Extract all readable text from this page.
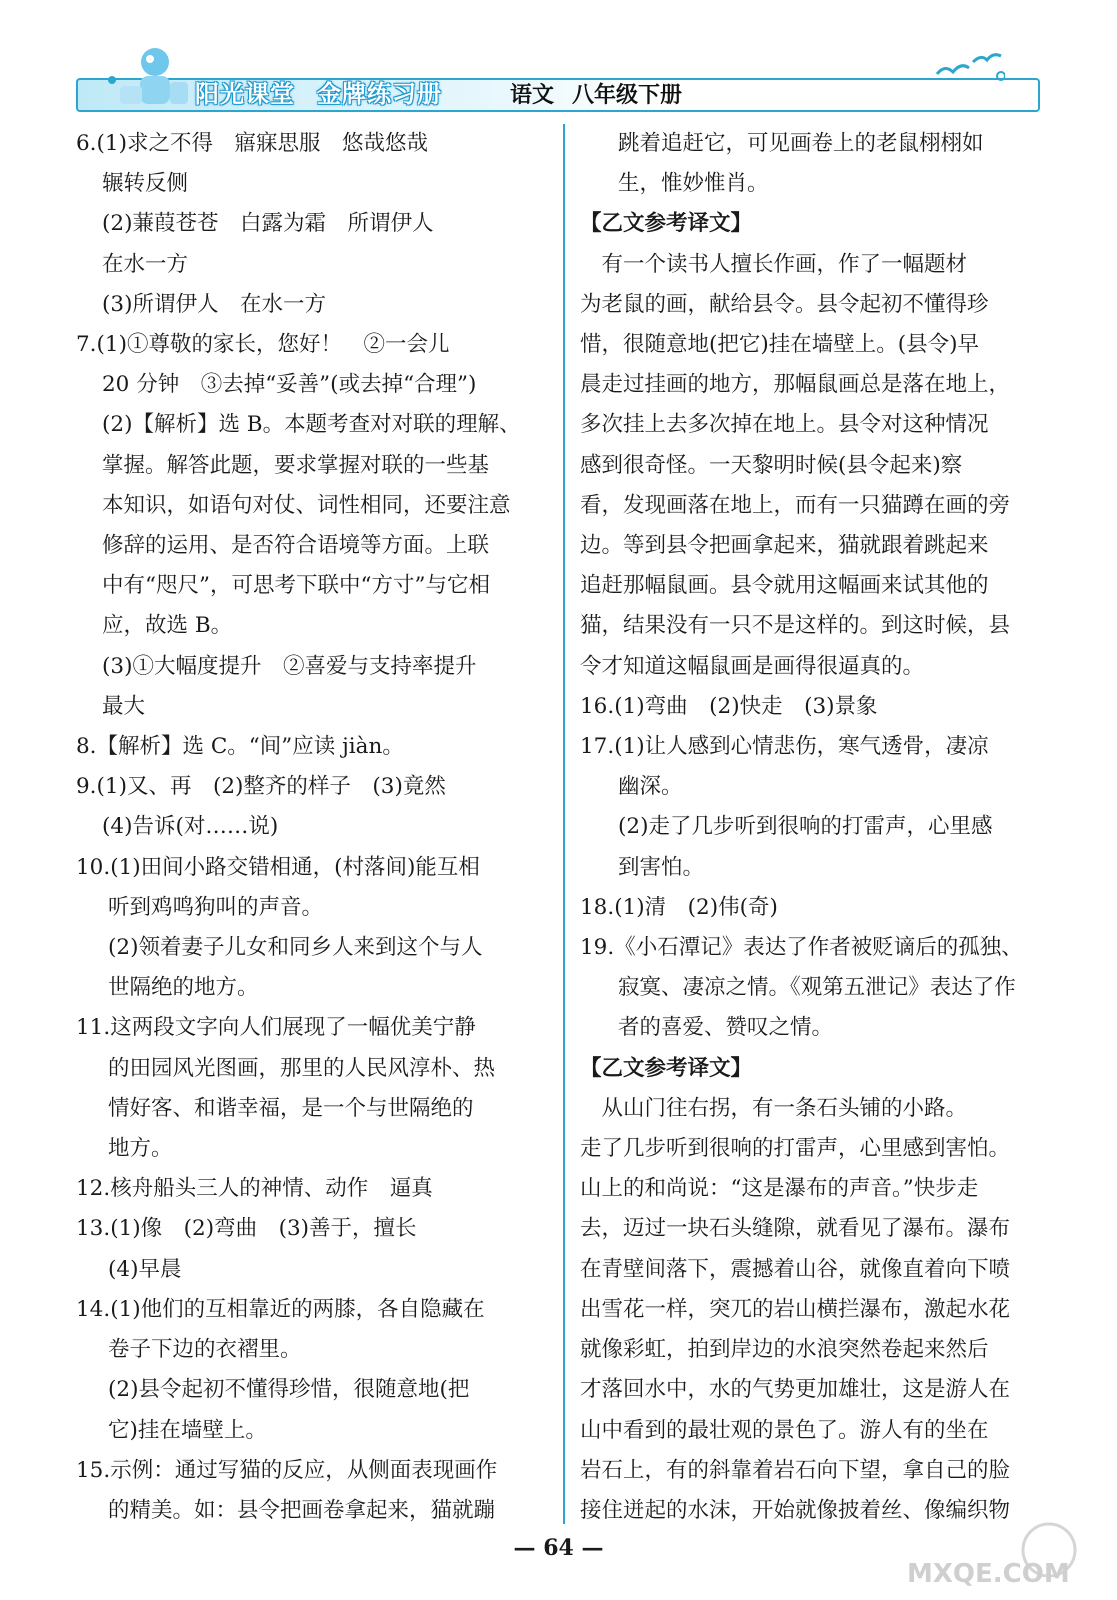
阳光课堂 金牌练习册	语文 八年级下册
6.(1)求之不得　寤寐思服　悠哉悠哉
辗转反侧
(2)蒹葭苍苍　白露为霜　所谓伊人
在水一方
(3)所谓伊人　在水一方
7.(1)①尊敬的家长，您好！　②一会儿
20 分钟　③去掉“妥善”(或去掉“合理”)
(2)【解析】选 B。本题考查对对联的理解、
掌握。解答此题，要求掌握对联的一些基
本知识，如语句对仗、词性相同，还要注意
修辞的运用、是否符合语境等方面。上联
中有“咫尺”，可思考下联中“方寸”与它相
应，故选 B。
(3)①大幅度提升　②喜爱与支持率提升
最大
8.【解析】选 C。“间”应读 jiàn。
9.(1)又、再　(2)整齐的样子　(3)竟然
(4)告诉(对……说)
10.(1)田间小路交错相通，(村落间)能互相
听到鸡鸣狗叫的声音。
(2)领着妻子儿女和同乡人来到这个与人
世隔绝的地方。
11.这两段文字向人们展现了一幅优美宁静
的田园风光图画，那里的人民风淳朴、热
情好客、和谐幸福，是一个与世隔绝的
地方。
12.核舟船头三人的神情、动作　逼真
13.(1)像　(2)弯曲　(3)善于，擅长
(4)早晨
14.(1)他们的互相靠近的两膝，各自隐藏在
卷子下边的衣褶里。
(2)县令起初不懂得珍惜，很随意地(把
它)挂在墙壁上。
15.示例：通过写猫的反应，从侧面表现画作
的精美。如：县令把画卷拿起来，猫就蹦
跳着追赶它，可见画卷上的老鼠栩栩如
生，惟妙惟肖。
【乙文参考译文】
　有一个读书人擅长作画，作了一幅题材
为老鼠的画，献给县令。县令起初不懂得珍
惜，很随意地(把它)挂在墙壁上。(县令)早
晨走过挂画的地方，那幅鼠画总是落在地上，
多次挂上去多次掉在地上。县令对这种情况
感到很奇怪。一天黎明时候(县令起来)察
看，发现画落在地上，而有一只猫蹲在画的旁
边。等到县令把画拿起来，猫就跟着跳起来
追赶那幅鼠画。县令就用这幅画来试其他的
猫，结果没有一只不是这样的。到这时候，县
令才知道这幅鼠画是画得很逼真的。
16.(1)弯曲　(2)快走　(3)景象
17.(1)让人感到心情悲伤，寒气透骨，凄凉
幽深。
(2)走了几步听到很响的打雷声，心里感
到害怕。
18.(1)清　(2)伟(奇)
19.《小石潭记》表达了作者被贬谪后的孤独、
寂寞、凄凉之情。《观第五泄记》表达了作
者的喜爱、赞叹之情。
【乙文参考译文】
　从山门往右拐，有一条石头铺的小路。
走了几步听到很响的打雷声，心里感到害怕。
山上的和尚说：“这是瀑布的声音。”快步走
去，迈过一块石头缝隙，就看见了瀑布。瀑布
在青壁间落下，震撼着山谷，就像直着向下喷
出雪花一样，突兀的岩山横拦瀑布，激起水花
就像彩虹，拍到岸边的水浪突然卷起来然后
才落回水中，水的气势更加雄壮，这是游人在
山中看到的最壮观的景色了。游人有的坐在
岩石上，有的斜靠着岩石向下望，拿自己的脸
接住迸起的水沫，开始就像披着丝、像编织物
— 64 —
MXQE.COM
